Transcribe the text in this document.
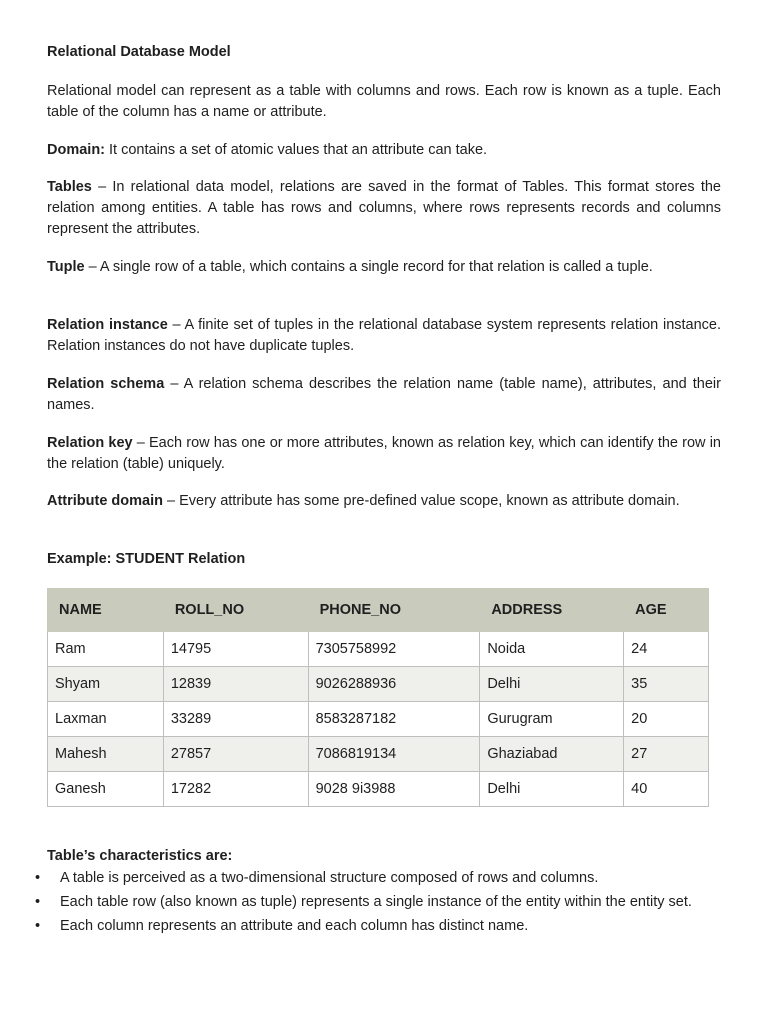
Relational Database Model

Relational model can represent as a table with columns and rows. Each row is known as a tuple. Each table of the column has a name or attribute.

Domain: It contains a set of atomic values that an attribute can take.

Tables – In relational data model, relations are saved in the format of Tables. This format stores the relation among entities. A table has rows and columns, where rows represents records and columns represent the attributes.

Tuple – A single row of a table, which contains a single record for that relation is called a tuple.

Relation instance – A finite set of tuples in the relational database system represents relation instance. Relation instances do not have duplicate tuples.

Relation schema – A relation schema describes the relation name (table name), attributes, and their names.

Relation key – Each row has one or more attributes, known as relation key, which can identify the row in the relation (table) uniquely.

Attribute domain – Every attribute has some pre-defined value scope, known as attribute domain.

Example: STUDENT Relation
NAME	ROLL_NO	PHONE_NO	ADDRESS	AGE
Ram	14795	7305758992	Noida	24
Shyam	12839	9026288936	Delhi	35
Laxman	33289	8583287182	Gurugram	20
Mahesh	27857	7086819134	Ghaziabad	27
Ganesh	17282	9028 9i3988	Delhi	40
Table’s characteristics are:
• A table is perceived as a two-dimensional structure composed of rows and columns.
• Each table row (also known as tuple) represents a single instance of the entity within the entity set.
• Each column represents an attribute and each column has distinct name.
